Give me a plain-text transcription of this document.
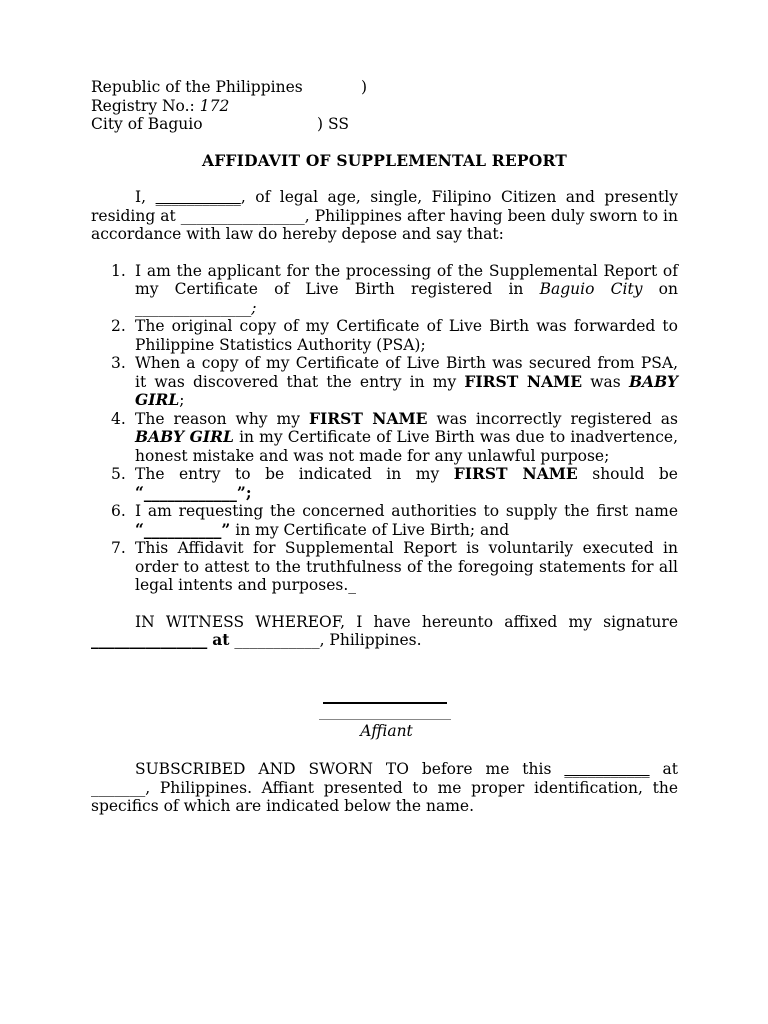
Republic of the Philippines	)
Registry No.: 172
City of Baguio	) SS
AFFIDAVIT OF SUPPLEMENTAL REPORT
I, ___________, of legal age, single, Filipino Citizen and presently residing at ________________, Philippines after having been duly sworn to in accordance with law do hereby depose and say that:
1. I am the applicant for the processing of the Supplemental Report of my Certificate of Live Birth registered in Baguio City on _______________;
2. The original copy of my Certificate of Live Birth was forwarded to Philippine Statistics Authority (PSA);
3. When a copy of my Certificate of Live Birth was secured from PSA, it was discovered that the entry in my FIRST NAME was BABY GIRL;
4. The reason why my FIRST NAME was incorrectly registered as BABY GIRL in my Certificate of Live Birth was due to inadvertence, honest mistake and was not made for any unlawful purpose;
5. The entry to be indicated in my FIRST NAME should be “____________”;
6. I am requesting the concerned authorities to supply the first name “__________” in my Certificate of Live Birth; and
7. This Affidavit for Supplemental Report is voluntarily executed in order to attest to the truthfulness of the foregoing statements for all legal intents and purposes._
IN WITNESS WHEREOF, I have hereunto affixed my signature _______________ at ___________, Philippines.
Affiant
SUBSCRIBED AND SWORN TO before me this ___________ at _______, Philippines. Affiant presented to me proper identification, the specifics of which are indicated below the name.
